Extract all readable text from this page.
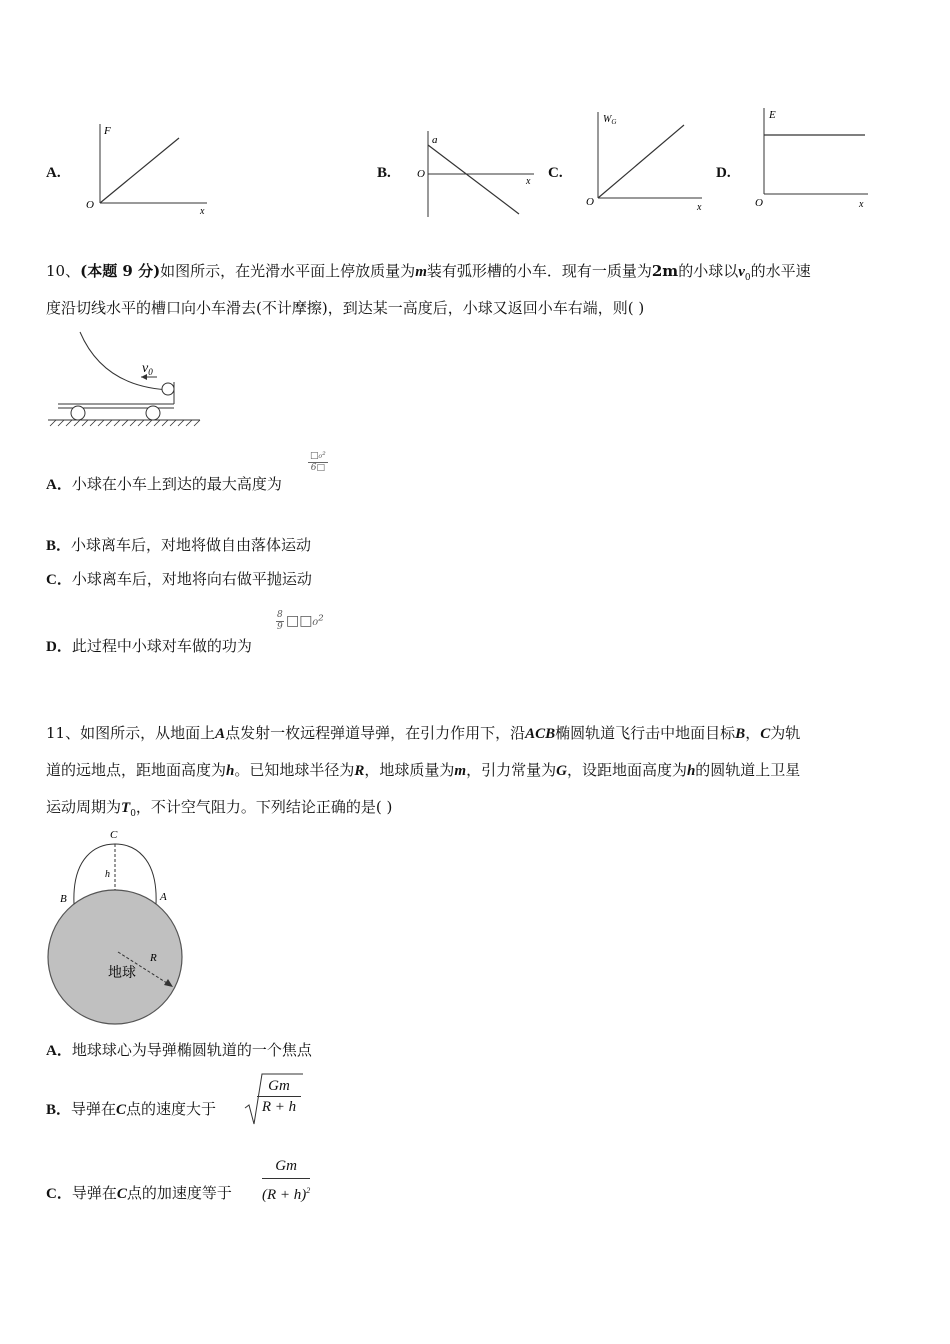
A.
F
x
O
B.
a
x
O	C.
$W_G$
x
O
D.
E
x
O
10、(本题 9 分)如图所示，在光滑水平面上停放质量为m装有弧形槽的小车．现有一质量为2m的小球以$v_0$的水平速
度沿切线水平的槽口向小车滑去(不计摩擦)，到达某一高度后，小球又返回小车右端，则( )
$v_0$
A．小球在小车上到达的最大高度为
□₀²
6□
B．小球离车后，对地将做自由落体运动
C．小球离车后，对地将向右做平抛运动
D．此过程中小球对车做的功为
8
9 □□₀²
11、如图所示，从地面上A点发射一枚远程弹道导弹，在引力作用下，沿ACB椭圆轨道飞行击中地面目标B，C为轨
道的远地点，距地面高度为h。已知地球半径为R，地球质量为m，引力常量为G，设距地面高度为h的圆轨道上卫星
运动周期为$T_0$，不计空气阻力。下列结论正确的是( )
C
h
B	A
R
地球
A．地球球心为导弹椭圆轨道的一个焦点
B．导弹在C点的速度大于	$\frac{Gm}{R + h}$
C．导弹在C点的加速度等于
Gm
$(R + h)^2$
